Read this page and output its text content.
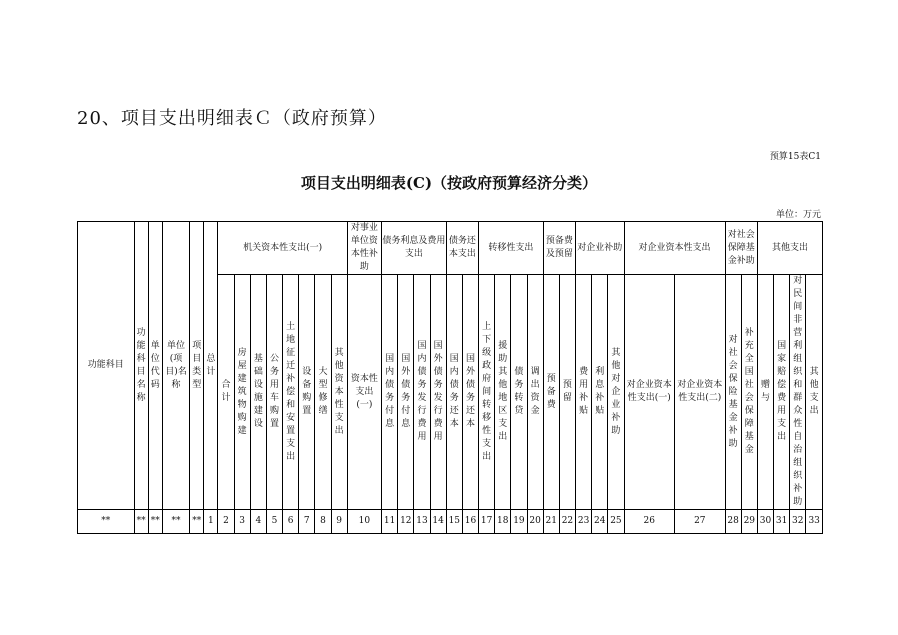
20、项目支出明细表Ｃ（政府预算）
预算15表C1
项目支出明细表(C)（按政府预算经济分类）
单位：万元
功能科目	功能科目名称	单位代码	单位(项目)名称	项目类型	总计	机关资本性支出(一)								对事业单位资本性补助	债务利息及费用支出				债务还本支出		转移性支出				预备费及预留		对企业补助			对企业资本性支出		对社会保障基金补助		其他支出			
						合计	房屋建筑物购建	基础设施建设	公务用车购置	土地征迁补偿和安置支出	设备购置	大型修缮	其他资本性支出	资本性支出(一)	国内债务付息	国外债务付息	国内债务发行费用	国外债务发行费用	国内债务还本	国外债务还本	上下级政府间转移性支出	援助其他地区支出	债务转贷	调出资金	预备费	预留	费用补贴	利息补贴	其他对企业补助	对企业资本性支出(一)	对企业资本性支出(二)	对社会保险基金补助	补充全国社会保障基金	赠与	国家赔偿费用支出	对民间非营利组织和群众性自治组织补助	其他支出
**	**	**	**	**	1	2	3	4	5	6	7	8	9	10	11	12	13	14	15	16	17	18	19	20	21	22	23	24	25	26	27	28	29	30	31	32	33
